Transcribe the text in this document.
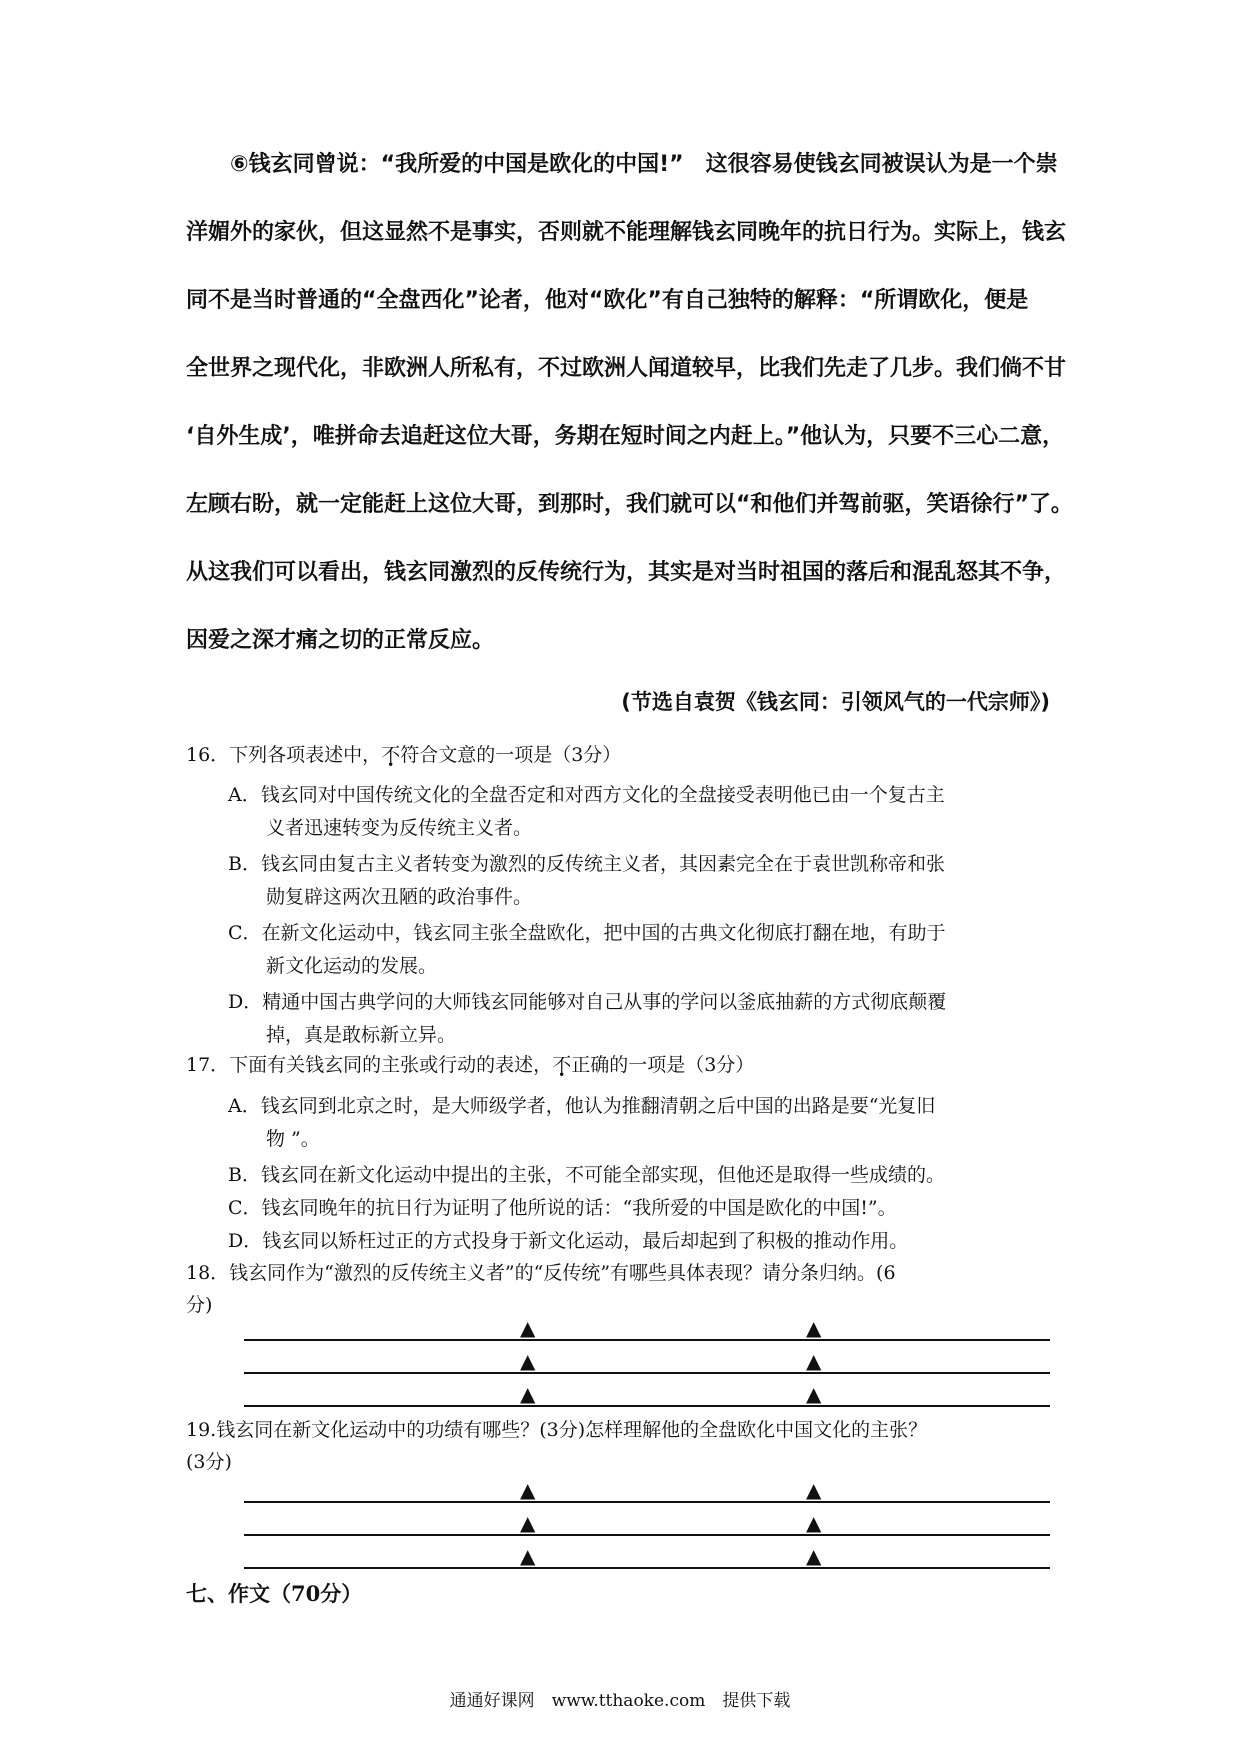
⑥钱玄同曾说：“我所爱的中国是欧化的中国!”　这很容易使钱玄同被误认为是一个崇
洋媚外的家伙，但这显然不是事实，否则就不能理解钱玄同晚年的抗日行为。实际上，钱玄
同不是当时普通的“全盘西化”论者，他对“欧化”有自己独特的解释：“所谓欧化，便是
全世界之现代化，非欧洲人所私有，不过欧洲人闻道较早，比我们先走了几步。我们倘不甘
‘自外生成’，唯拼命去追赶这位大哥，务期在短时间之内赶上。”他认为，只要不三心二意，
左顾右盼，就一定能赶上这位大哥，到那时，我们就可以“和他们并驾前驱，笑语徐行”了。
从这我们可以看出，钱玄同激烈的反传统行为，其实是对当时祖国的落后和混乱怒其不争，
因爱之深才痛之切的正常反应。
(节选自袁贺《钱玄同：引领风气的一代宗师》)
16．下列各项表述中，不符合文意的一项是（3分）
A．钱玄同对中国传统文化的全盘否定和对西方文化的全盘接受表明他已由一个复古主
　　义者迅速转变为反传统主义者。
B．钱玄同由复古主义者转变为激烈的反传统主义者，其因素完全在于袁世凯称帝和张
　　勋复辟这两次丑陋的政治事件。
C．在新文化运动中，钱玄同主张全盘欧化，把中国的古典文化彻底打翻在地，有助于
　　新文化运动的发展。
D．精通中国古典学问的大师钱玄同能够对自己从事的学问以釜底抽薪的方式彻底颠覆
　　掉，真是敢标新立异。
17．下面有关钱玄同的主张或行动的表述，不正确的一项是（3分）
A．钱玄同到北京之时，是大师级学者，他认为推翻清朝之后中国的出路是要“光复旧
　　物 ”。
B．钱玄同在新文化运动中提出的主张，不可能全部实现，但他还是取得一些成绩的。
C．钱玄同晚年的抗日行为证明了他所说的话：“我所爱的中国是欧化的中国!”。
D．钱玄同以矫枉过正的方式投身于新文化运动，最后却起到了积极的推动作用。
18．钱玄同作为“激烈的反传统主义者”的“反传统”有哪些具体表现？请分条归纳。(6
分)
▲	▲
▲	▲
▲	▲
19.钱玄同在新文化运动中的功绩有哪些？(3分)怎样理解他的全盘欧化中国文化的主张？
(3分)
▲	▲
▲	▲
▲	▲
七、作文（70分）
通通好课网　www.tthaoke.com　提供下载
